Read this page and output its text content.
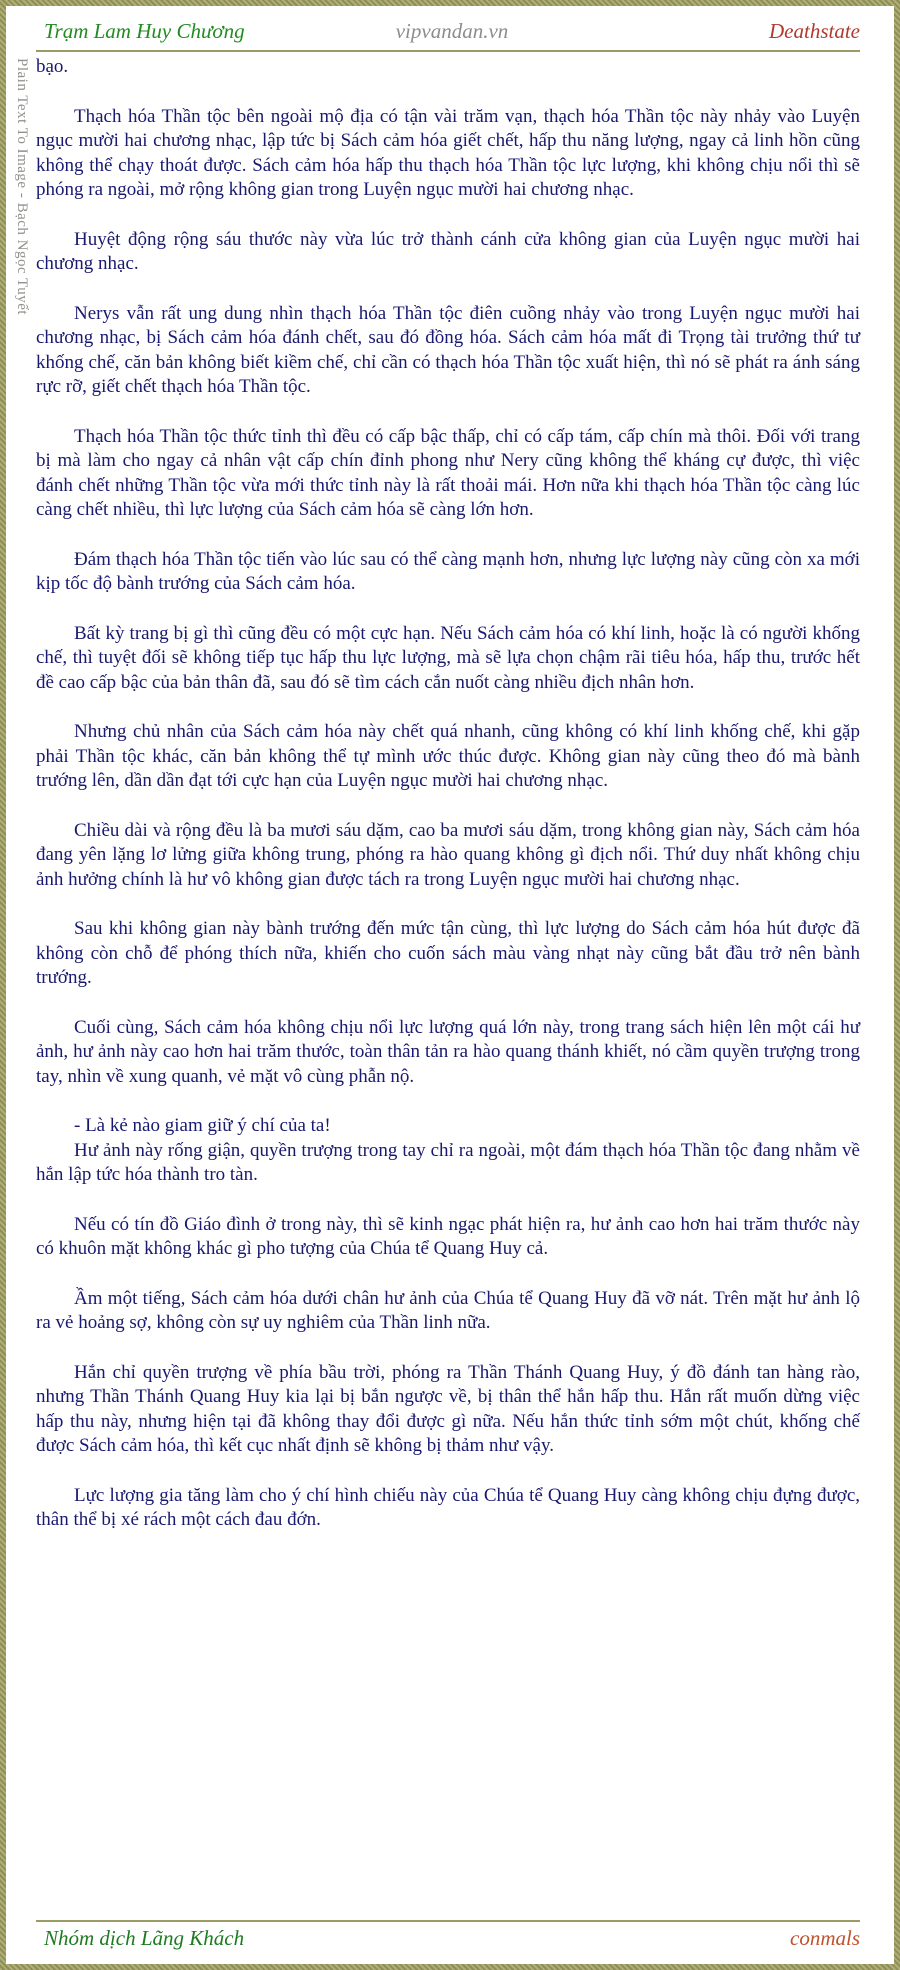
Trạm Lam Huy Chương	vipvandan.vn	Deathstate
Plain Text To Image - Bạch Ngọc Tuyết bạo.

Thạch hóa Thần tộc bên ngoài mộ địa có tận vài trăm vạn, thạch hóa Thần tộc này nhảy vào Luyện ngục mười hai chương nhạc, lập tức bị Sách cảm hóa giết chết, hấp thu năng lượng, ngay cả linh hồn cũng không thể chạy thoát được. Sách cảm hóa hấp thu thạch hóa Thần tộc lực lượng, khi không chịu nổi thì sẽ phóng ra ngoài, mở rộng không gian trong Luyện ngục mười hai chương nhạc.

Huyệt động rộng sáu thước này vừa lúc trở thành cánh cửa không gian của Luyện ngục mười hai chương nhạc.

Nerys vẫn rất ung dung nhìn thạch hóa Thần tộc điên cuồng nhảy vào trong Luyện ngục mười hai chương nhạc, bị Sách cảm hóa đánh chết, sau đó đồng hóa. Sách cảm hóa mất đi Trọng tài trưởng thứ tư khống chế, căn bản không biết kiềm chế, chỉ cần có thạch hóa Thần tộc xuất hiện, thì nó sẽ phát ra ánh sáng rực rỡ, giết chết thạch hóa Thần tộc.

Thạch hóa Thần tộc thức tỉnh thì đều có cấp bậc thấp, chỉ có cấp tám, cấp chín mà thôi. Đối với trang bị mà làm cho ngay cả nhân vật cấp chín đỉnh phong như Nery cũng không thể kháng cự được, thì việc đánh chết những Thần tộc vừa mới thức tỉnh này là rất thoải mái. Hơn nữa khi thạch hóa Thần tộc càng lúc càng chết nhiều, thì lực lượng của Sách cảm hóa sẽ càng lớn hơn.

Đám thạch hóa Thần tộc tiến vào lúc sau có thể càng mạnh hơn, nhưng lực lượng này cũng còn xa mới kịp tốc độ bành trướng của Sách cảm hóa.

Bất kỳ trang bị gì thì cũng đều có một cực hạn. Nếu Sách cảm hóa có khí linh, hoặc là có người khống chế, thì tuyệt đối sẽ không tiếp tục hấp thu lực lượng, mà sẽ lựa chọn chậm rãi tiêu hóa, hấp thu, trước hết đề cao cấp bậc của bản thân đã, sau đó sẽ tìm cách cắn nuốt càng nhiều địch nhân hơn.

Nhưng chủ nhân của Sách cảm hóa này chết quá nhanh, cũng không có khí linh khống chế, khi gặp phải Thần tộc khác, căn bản không thể tự mình ước thúc được. Không gian này cũng theo đó mà bành trướng lên, dần dần đạt tới cực hạn của Luyện ngục mười hai chương nhạc.

Chiều dài và rộng đều là ba mươi sáu dặm, cao ba mươi sáu dặm, trong không gian này, Sách cảm hóa đang yên lặng lơ lửng giữa không trung, phóng ra hào quang không gì địch nổi. Thứ duy nhất không chịu ảnh hưởng chính là hư vô không gian được tách ra trong Luyện ngục mười hai chương nhạc.

Sau khi không gian này bành trướng đến mức tận cùng, thì lực lượng do Sách cảm hóa hút được đã không còn chỗ để phóng thích nữa, khiến cho cuốn sách màu vàng nhạt này cũng bắt đầu trở nên bành trướng.

Cuối cùng, Sách cảm hóa không chịu nổi lực lượng quá lớn này, trong trang sách hiện lên một cái hư ảnh, hư ảnh này cao hơn hai trăm thước, toàn thân tản ra hào quang thánh khiết, nó cầm quyền trượng trong tay, nhìn về xung quanh, vẻ mặt vô cùng phẫn nộ.

- Là kẻ nào giam giữ ý chí của ta!

Hư ảnh này rống giận, quyền trượng trong tay chỉ ra ngoài, một đám thạch hóa Thần tộc đang nhằm về hắn lập tức hóa thành tro tàn.

Nếu có tín đồ Giáo đình ở trong này, thì sẽ kinh ngạc phát hiện ra, hư ảnh cao hơn hai trăm thước này có khuôn mặt không khác gì pho tượng của Chúa tể Quang Huy cả.

Ầm một tiếng, Sách cảm hóa dưới chân hư ảnh của Chúa tể Quang Huy đã vỡ nát. Trên mặt hư ảnh lộ ra vẻ hoảng sợ, không còn sự uy nghiêm của Thần linh nữa.

Hắn chỉ quyền trượng về phía bầu trời, phóng ra Thần Thánh Quang Huy, ý đồ đánh tan hàng rào, nhưng Thần Thánh Quang Huy kia lại bị bắn ngược về, bị thân thể hắn hấp thu. Hắn rất muốn dừng việc hấp thu này, nhưng hiện tại đã không thay đổi được gì nữa. Nếu hắn thức tỉnh sớm một chút, khống chế được Sách cảm hóa, thì kết cục nhất định sẽ không bị thảm như vậy.

Lực lượng gia tăng làm cho ý chí hình chiếu này của Chúa tể Quang Huy càng không chịu đựng được, thân thể bị xé rách một cách đau đớn.

Nhóm dịch Lãng Khách	conmals
